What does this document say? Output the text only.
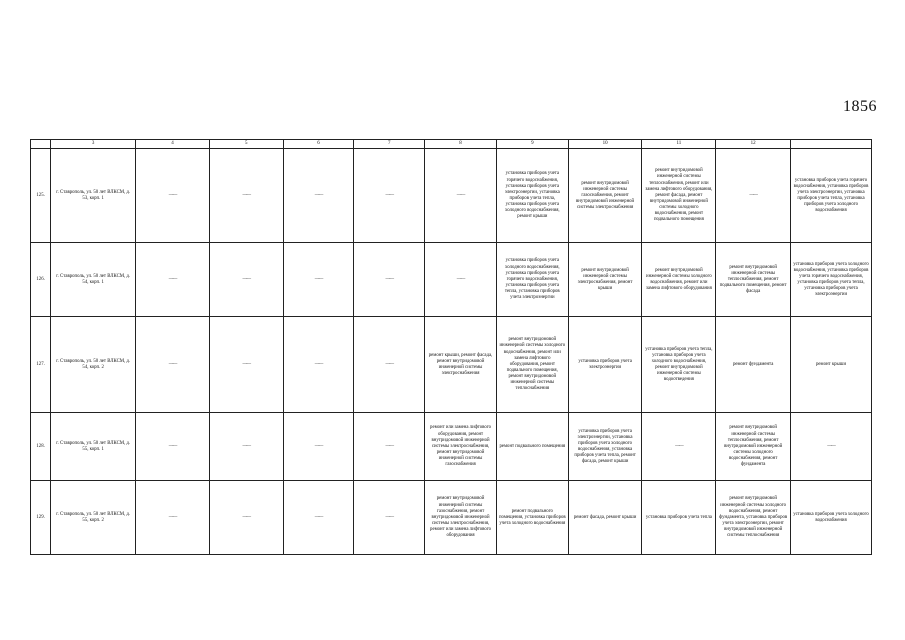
1856
	3	4	5	6	7	8	9	10	11	12	
125.	г. Ставрополь, ул. 50 лет ВЛКСМ, д. 53, корп. 1	——	——	——	——	——	установка приборов учета горячего водоснабжения, установка приборов учета электроэнергии, установка приборов учета тепла, установка приборов учета холодного водоснабжения, ремонт крыши	ремонт внутридомовой инженерной системы газоснабжения, ремонт внутридомовой инженерной системы электроснабжения	ремонт внутридомовой инженерной системы теплоснабжения, ремонт или замена лифтового оборудования, ремонт фасада, ремонт внутридомовой инженерной системы холодного водоснабжения, ремонт подвального помещения	——	установка приборов учета горячего водоснабжения, установка приборов учета электроэнергии, установка приборов учета тепла, установка приборов учета холодного водоснабжения
126.	г. Ставрополь, ул. 50 лет ВЛКСМ, д. 54, корп. 1	——	——	——	——	——	установка приборов учета холодного водоснабжения, установка приборов учета горячего водоснабжения, установка приборов учета тепла, установка приборов учета электроэнергии	ремонт внутридомовой инженерной системы электроснабжения, ремонт крыши	ремонт внутридомовой инженерной системы холодного водоснабжения, ремонт или замена лифтового оборудования	ремонт внутридомовой инженерной системы теплоснабжения, ремонт подвального помещения, ремонт фасада	установка приборов учета холодного водоснабжения, установка приборов учета горячего водоснабжения, установка приборов учета тепла, установка приборов учета электроэнергии
127.	г. Ставрополь, ул. 50 лет ВЛКСМ, д. 54, корп. 2	——	——	——	——	ремонт крыши, ремонт фасада, ремонт внутридомовой инженерной системы электроснабжения	ремонт внутридомовой инженерной системы холодного водоснабжения, ремонт или замена лифтового оборудования, ремонт подвального помещения, ремонт внутридомовой инженерной системы теплоснабжения	установка приборов учета электроэнергии	установка приборов учета тепла, установка приборов учета холодного водоснабжения, ремонт внутридомовой инженерной системы водоотведения	ремонт фундамента	ремонт крыши
128.	г. Ставрополь, ул. 50 лет ВЛКСМ, д. 55, корп. 1	——	——	——	——	ремонт или замена лифтового оборудования, ремонт внутридомовой инженерной системы электроснабжения, ремонт внутридомовой инженерной системы газоснабжения	ремонт подвального помещения	установка приборов учета электроэнергии, установка приборов учета холодного водоснабжения, установка приборов учета тепла, ремонт фасада, ремонт крыши	——	ремонт внутридомовой инженерной системы теплоснабжения, ремонт внутридомовой инженерной системы холодного водоснабжения, ремонт фундамента	——
129.	г. Ставрополь, ул. 50 лет ВЛКСМ, д. 55, корп. 2	——	——	——	——	ремонт внутридомовой инженерной системы газоснабжения, ремонт внутридомовой инженерной системы электроснабжения, ремонт или замена лифтового оборудования	ремонт подвального помещения, установка приборов учета холодного водоснабжения	ремонт фасада, ремонт крыши	установка приборов учета тепла	ремонт внутридомовой инженерной системы холодного водоснабжения, ремонт фундамента, установка приборов учета электроэнергии, ремонт внутридомовой инженерной системы теплоснабжения	установка приборов учета холодного водоснабжения
